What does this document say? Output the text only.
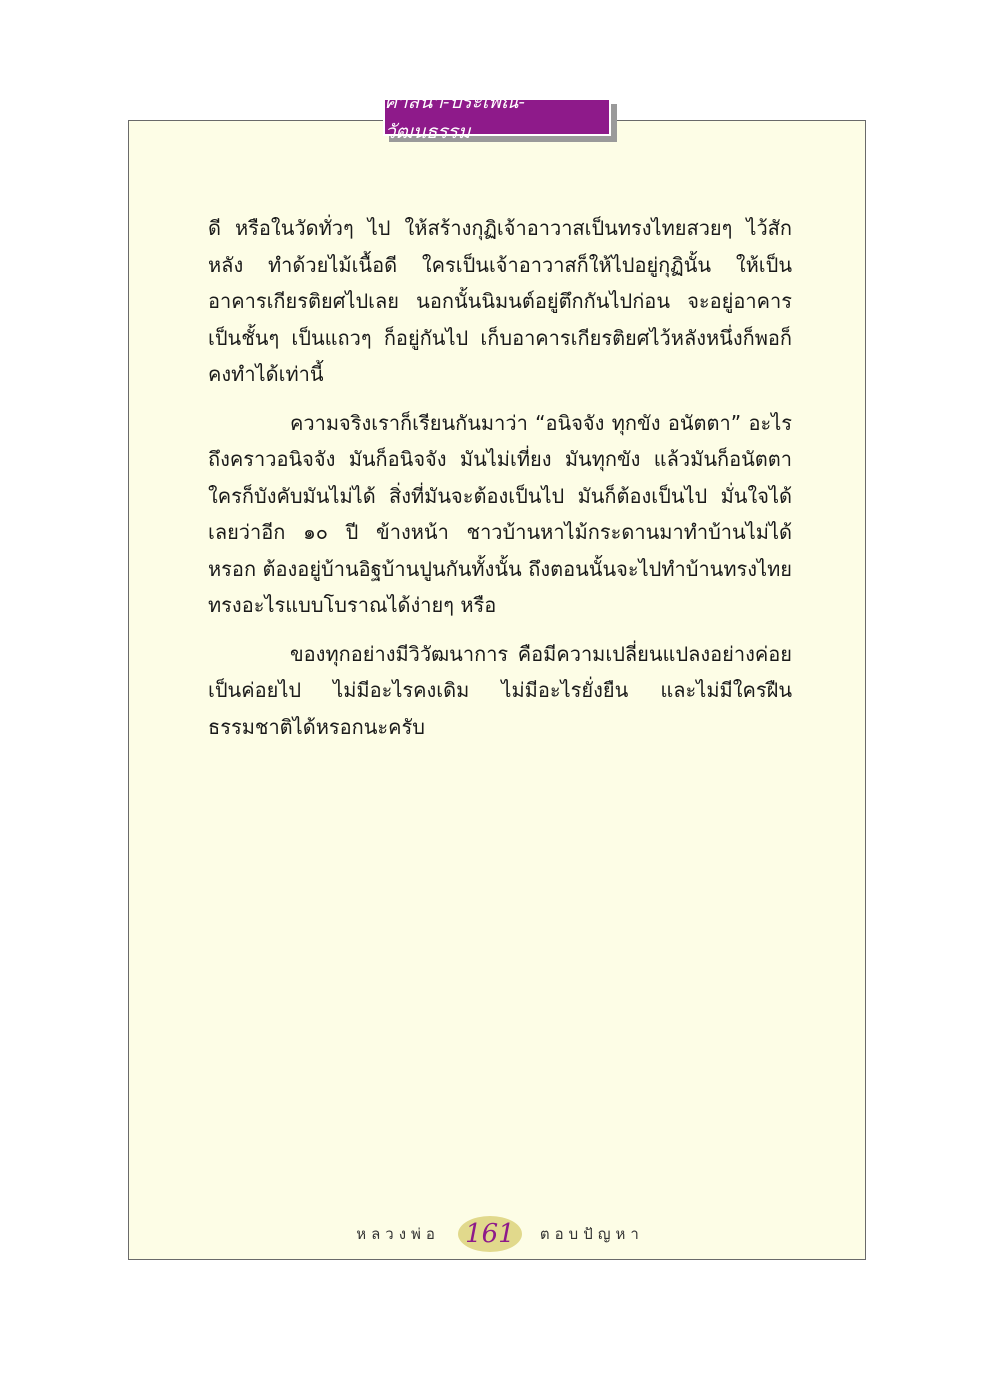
ศาสนา-ประเพณี-วัฒนธรรม

ดี หรือในวัดทั่วๆ ไป ให้สร้างกุฏิเจ้าอาวาสเป็นทรงไทยสวยๆ ไว้สักหลัง ทำด้วยไม้เนื้อดี ใครเป็นเจ้าอาวาสก็ให้ไปอยู่กุฏินั้น ให้เป็นอาคารเกียรติยศไปเลย นอกนั้นนิมนต์อยู่ตึกกันไปก่อน จะอยู่อาคารเป็นชั้นๆ เป็นแถวๆ ก็อยู่กันไป เก็บอาคารเกียรติยศไว้หลังหนึ่งก็พอก็คงทำได้เท่านี้

ความจริงเราก็เรียนกันมาว่า “อนิจจัง ทุกขัง อนัตตา” อะไรถึงคราวอนิจจัง มันก็อนิจจัง มันไม่เที่ยง มันทุกขัง แล้วมันก็อนัตตาใครก็บังคับมันไม่ได้ สิ่งที่มันจะต้องเป็นไป มันก็ต้องเป็นไป มั่นใจได้เลยว่าอีก ๑๐ ปี ข้างหน้า ชาวบ้านหาไม้กระดานมาทำบ้านไม่ได้หรอก ต้องอยู่บ้านอิฐบ้านปูนกันทั้งนั้น ถึงตอนนั้นจะไปทำบ้านทรงไทยทรงอะไรแบบโบราณได้ง่ายๆ หรือ

ของทุกอย่างมีวิวัฒนาการ คือมีความเปลี่ยนแปลงอย่างค่อยเป็นค่อยไป ไม่มีอะไรคงเดิม ไม่มีอะไรยั่งยืน และไม่มีใครฝืนธรรมชาติได้หรอกนะครับ

หลวงพ่อ 161 ตอบปัญหา
